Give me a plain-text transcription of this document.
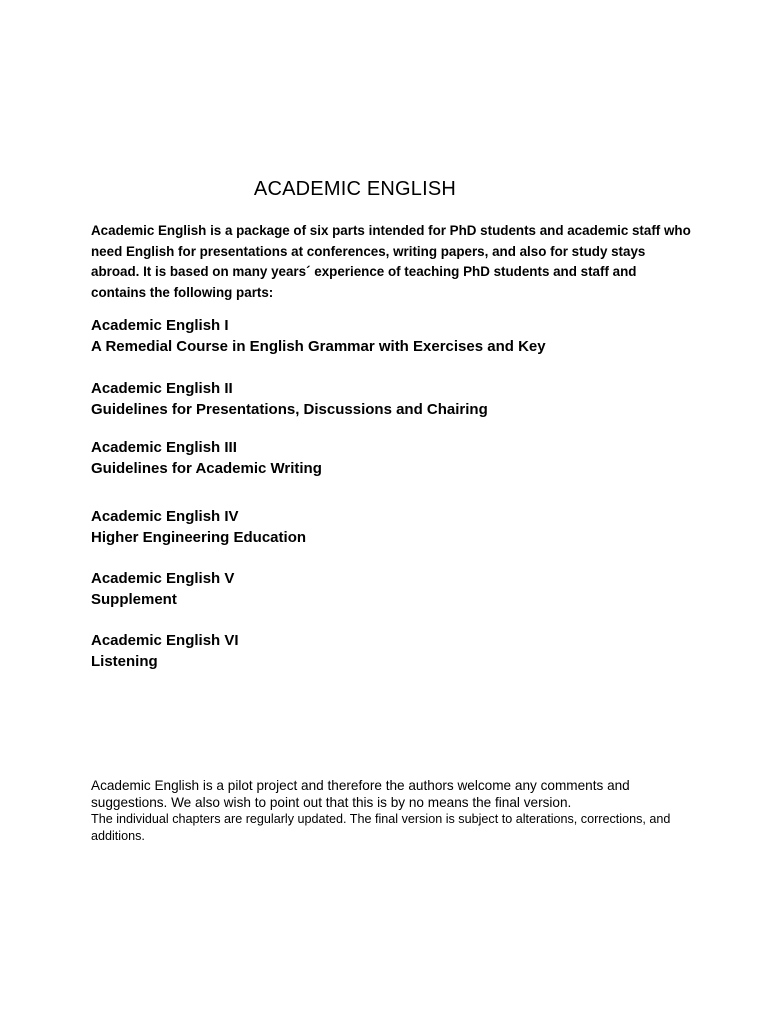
ACADEMIC ENGLISH
Academic English is a package of six parts intended for PhD students and academic staff who need English for presentations at conferences, writing papers, and also for study stays abroad. It is based on many years´ experience of teaching PhD students and staff and contains the following parts:
Academic English I
A Remedial Course in English Grammar with Exercises and Key
Academic English II
Guidelines for Presentations, Discussions and Chairing
Academic English III
Guidelines for Academic Writing
Academic English IV
Higher Engineering Education
Academic English V
Supplement
Academic English VI
Listening

Academic English is a pilot project and therefore the authors welcome any comments and suggestions. We also wish to point out that this is by no means the final version.

The individual chapters are regularly updated. The final version is subject to alterations, corrections, and additions.
